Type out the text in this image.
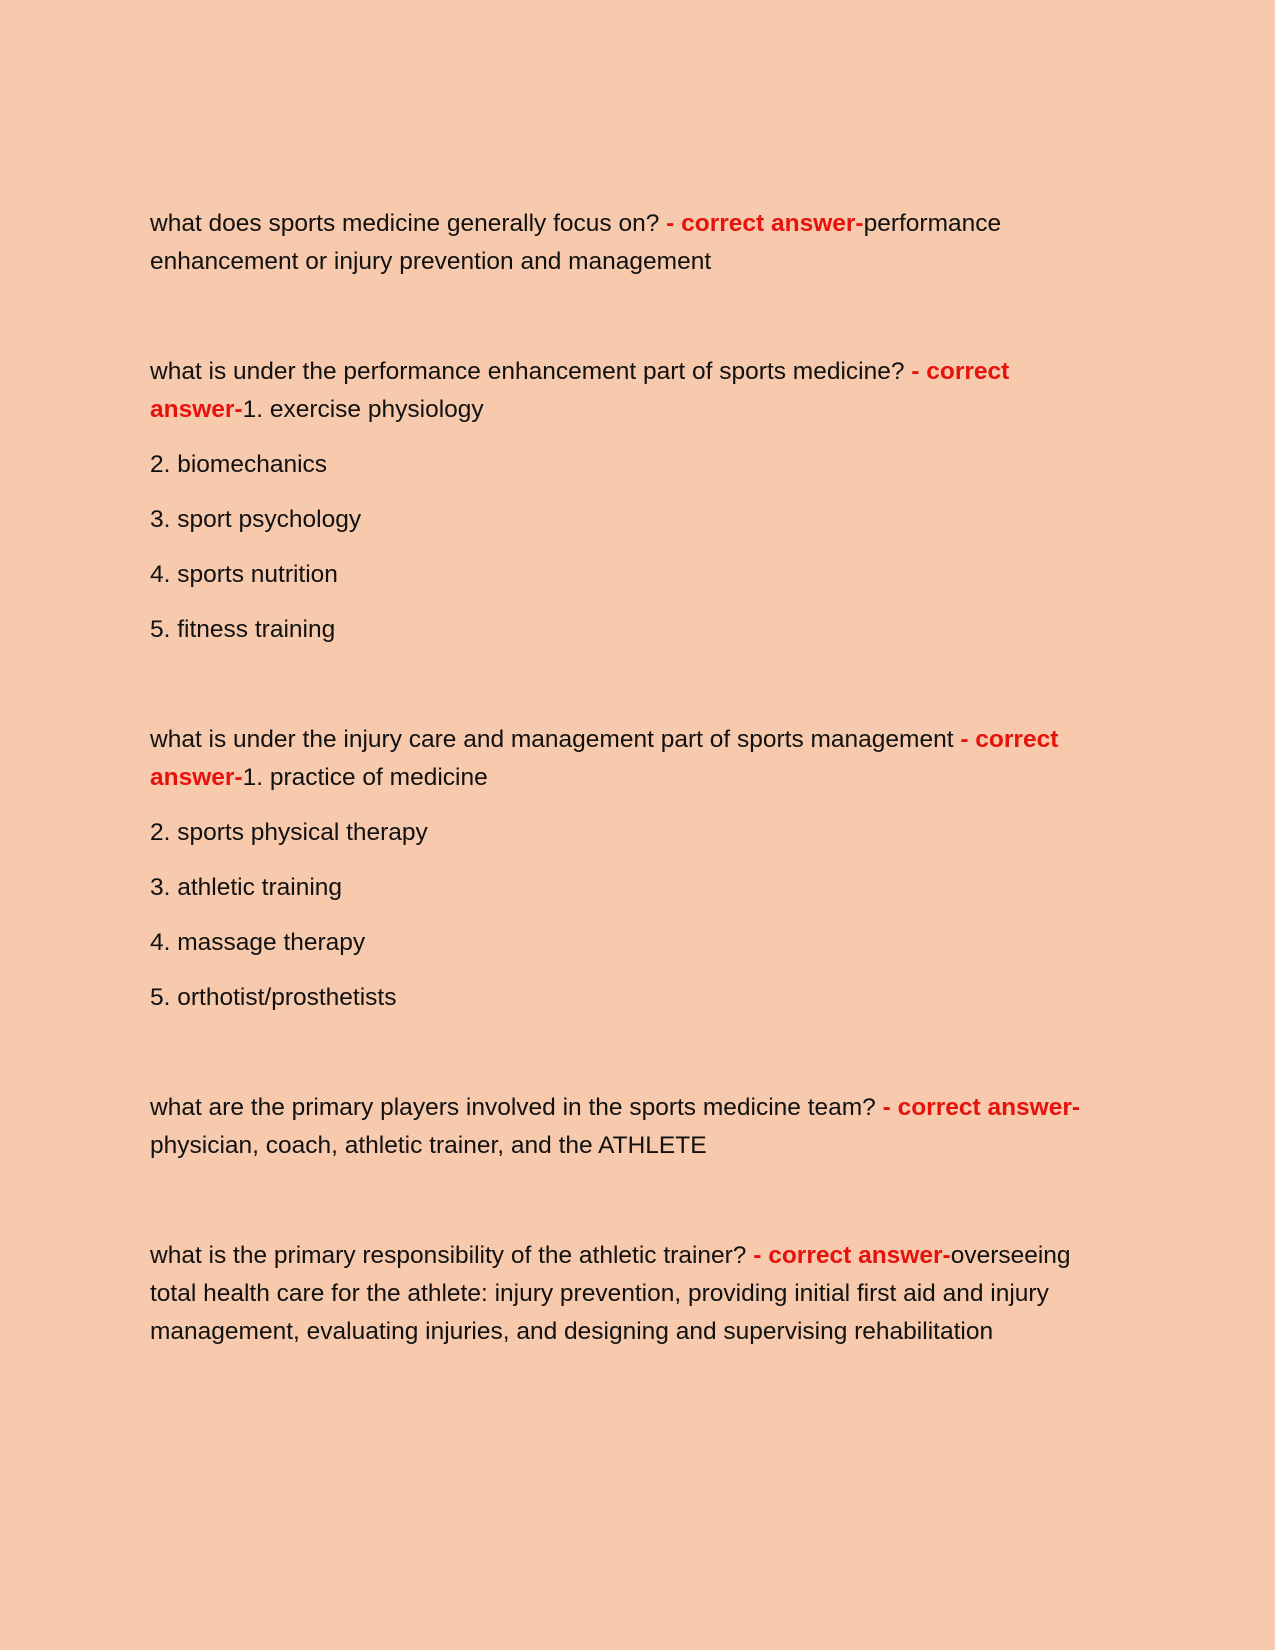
what does sports medicine generally focus on? - correct answer-performance enhancement or injury prevention and management

what is under the performance enhancement part of sports medicine? - correct answer-1. exercise physiology

2. biomechanics
3. sport psychology
4. sports nutrition
5. fitness training

what is under the injury care and management part of sports management - correct answer-1. practice of medicine

2. sports physical therapy
3. athletic training
4. massage therapy
5. orthotist/prosthetists

what are the primary players involved in the sports medicine team? - correct answer-physician, coach, athletic trainer, and the ATHLETE

what is the primary responsibility of the athletic trainer? - correct answer-overseeing total health care for the athlete: injury prevention, providing initial first aid and injury management, evaluating injuries, and designing and supervising rehabilitation
